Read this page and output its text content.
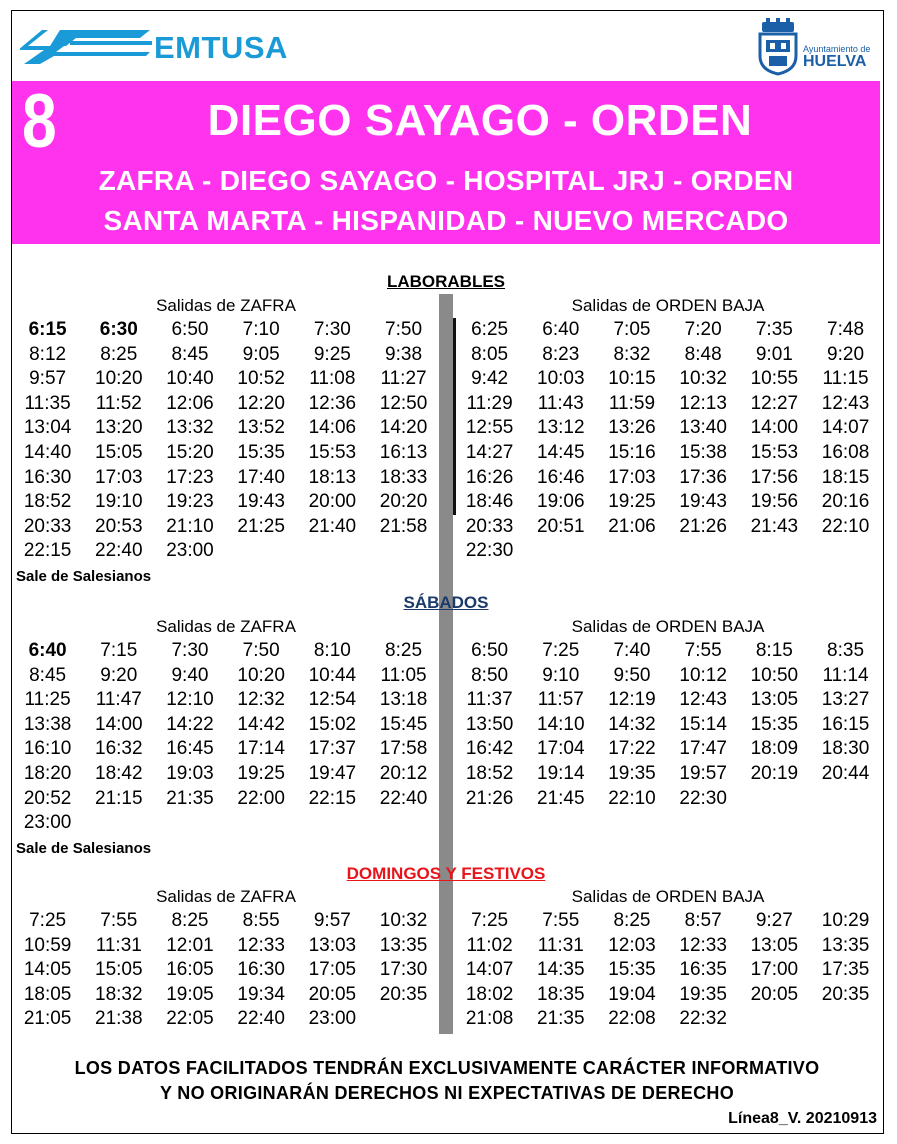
EMTUSA	Ayuntamiento de
HUELVA
8	DIEGO SAYAGO - ORDEN
ZAFRA - DIEGO SAYAGO - HOSPITAL JRJ - ORDEN
SANTA MARTA - HISPANIDAD - NUEVO MERCADO
LABORABLES
Salidas de ZAFRA	Salidas de ORDEN BAJA
6:15	6:30	6:50	7:10	7:30	7:50
8:12	8:25	8:45	9:05	9:25	9:38
9:57	10:20	10:40	10:52	11:08	11:27
11:35	11:52	12:06	12:20	12:36	12:50
13:04	13:20	13:32	13:52	14:06	14:20
14:40	15:05	15:20	15:35	15:53	16:13
16:30	17:03	17:23	17:40	18:13	18:33
18:52	19:10	19:23	19:43	20:00	20:20
20:33	20:53	21:10	21:25	21:40	21:58
22:15	22:40	23:00
6:25	6:40	7:05	7:20	7:35	7:48
8:05	8:23	8:32	8:48	9:01	9:20
9:42	10:03	10:15	10:32	10:55	11:15
11:29	11:43	11:59	12:13	12:27	12:43
12:55	13:12	13:26	13:40	14:00	14:07
14:27	14:45	15:16	15:38	15:53	16:08
16:26	16:46	17:03	17:36	17:56	18:15
18:46	19:06	19:25	19:43	19:56	20:16
20:33	20:51	21:06	21:26	21:43	22:10
22:30
Sale de Salesianos
SÁBADOS
Salidas de ZAFRA	Salidas de ORDEN BAJA
6:40	7:15	7:30	7:50	8:10	8:25
8:45	9:20	9:40	10:20	10:44	11:05
11:25	11:47	12:10	12:32	12:54	13:18
13:38	14:00	14:22	14:42	15:02	15:45
16:10	16:32	16:45	17:14	17:37	17:58
18:20	18:42	19:03	19:25	19:47	20:12
20:52	21:15	21:35	22:00	22:15	22:40
23:00
6:50	7:25	7:40	7:55	8:15	8:35
8:50	9:10	9:50	10:12	10:50	11:14
11:37	11:57	12:19	12:43	13:05	13:27
13:50	14:10	14:32	15:14	15:35	16:15
16:42	17:04	17:22	17:47	18:09	18:30
18:52	19:14	19:35	19:57	20:19	20:44
21:26	21:45	22:10	22:30
Sale de Salesianos
DOMINGOS Y FESTIVOS
Salidas de ZAFRA	Salidas de ORDEN BAJA
7:25	7:55	8:25	8:55	9:57	10:32
10:59	11:31	12:01	12:33	13:03	13:35
14:05	15:05	16:05	16:30	17:05	17:30
18:05	18:32	19:05	19:34	20:05	20:35
21:05	21:38	22:05	22:40	23:00
7:25	7:55	8:25	8:57	9:27	10:29
11:02	11:31	12:03	12:33	13:05	13:35
14:07	14:35	15:35	16:35	17:00	17:35
18:02	18:35	19:04	19:35	20:05	20:35
21:08	21:35	22:08	22:32
LOS DATOS FACILITADOS TENDRÁN EXCLUSIVAMENTE CARÁCTER INFORMATIVO
Y NO ORIGINARÁN DERECHOS NI EXPECTATIVAS DE DERECHO
Línea8_V. 20210913
